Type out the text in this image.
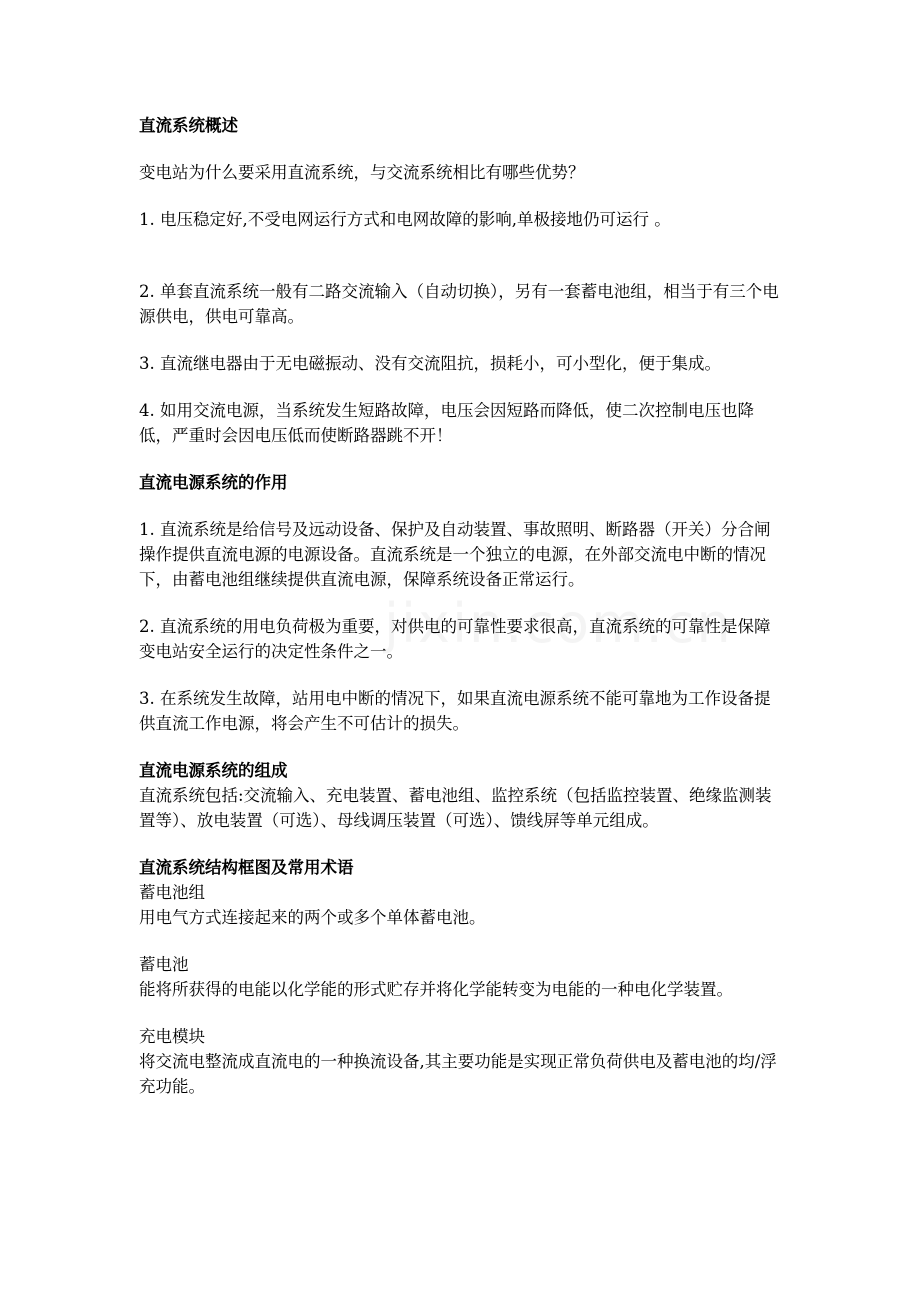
直流系统概述

变电站为什么要采用直流系统，与交流系统相比有哪些优势？

1. 电压稳定好,不受电网运行方式和电网故障的影响,单极接地仍可运行 。

2. 单套直流系统一般有二路交流输入（自动切换），另有一套蓄电池组，相当于有三个电源供电，供电可靠高。

3. 直流继电器由于无电磁振动、没有交流阻抗，损耗小，可小型化，便于集成。

4. 如用交流电源，当系统发生短路故障，电压会因短路而降低，使二次控制电压也降低，严重时会因电压低而使断路器跳不开！

直流电源系统的作用

1. 直流系统是给信号及远动设备、保护及自动装置、事故照明、断路器（开关）分合闸操作提供直流电源的电源设备。直流系统是一个独立的电源，在外部交流电中断的情况下，由蓄电池组继续提供直流电源，保障系统设备正常运行。

2. 直流系统的用电负荷极为重要，对供电的可靠性要求很高，直流系统的可靠性是保障变电站安全运行的决定性条件之一。

3. 在系统发生故障，站用电中断的情况下，如果直流电源系统不能可靠地为工作设备提供直流工作电源，将会产生不可估计的损失。

直流电源系统的组成

直流系统包括:交流输入、充电装置、蓄电池组、监控系统（包括监控装置、绝缘监测装置等）、放电装置（可选）、母线调压装置（可选）、馈线屏等单元组成。

直流系统结构框图及常用术语

蓄电池组

用电气方式连接起来的两个或多个单体蓄电池。

蓄电池

能将所获得的电能以化学能的形式贮存并将化学能转变为电能的一种电化学装置。

充电模块

将交流电整流成直流电的一种换流设备,其主要功能是实现正常负荷供电及蓄电池的均/浮充功能。
